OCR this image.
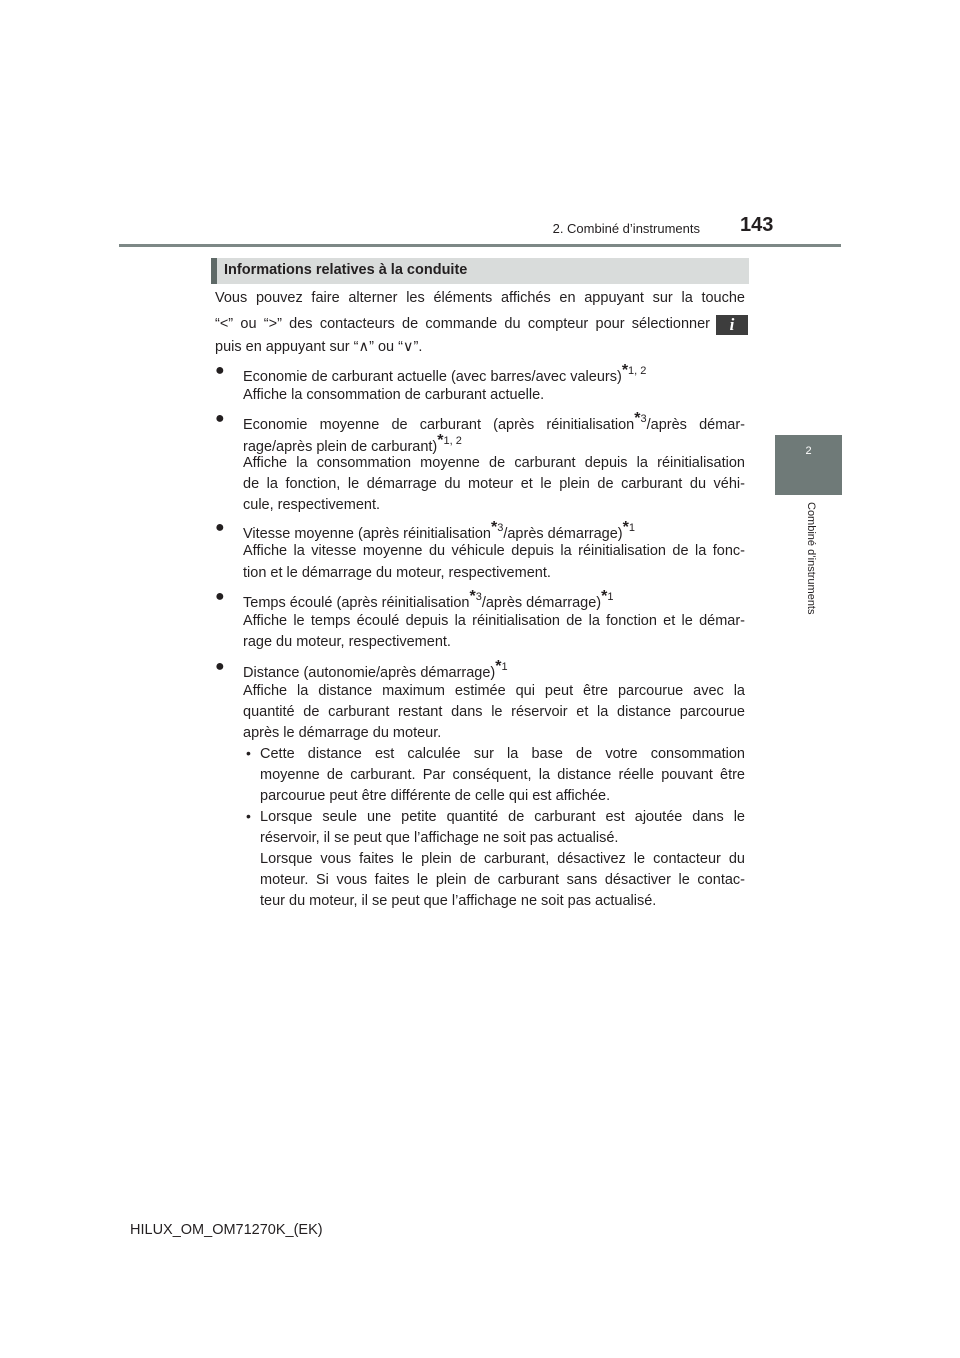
2. Combiné d’instruments 143
2
Combiné d’instruments
Informations relatives à la conduite
Vous pouvez faire alterner les éléments affichés en appuyant sur la touche
“<” ou “>” des contacteurs de commande du compteur pour sélectionner	i
puis en appuyant sur “∧” ou “∨”.
● Economie de carburant actuelle (avec barres/avec valeurs)$^{*1, 2}$
Affiche la consommation de carburant actuelle.
● Economie moyenne de carburant (après réinitialisation$^{*3}$/après démar-
rage/après plein de carburant)$^{*1, 2}$
Affiche la consommation moyenne de carburant depuis la réinitialisation
de la fonction, le démarrage du moteur et le plein de carburant du véhi-
cule, respectivement.
● Vitesse moyenne (après réinitialisation$^{*3}$/après démarrage)$^{*1}$
Affiche la vitesse moyenne du véhicule depuis la réinitialisation de la fonc-
tion et le démarrage du moteur, respectivement.
● Temps écoulé (après réinitialisation$^{*3}$/après démarrage)$^{*1}$
Affiche le temps écoulé depuis la réinitialisation de la fonction et le démar-
rage du moteur, respectivement.
● Distance (autonomie/après démarrage)$^{*1}$
Affiche la distance maximum estimée qui peut être parcourue avec la
quantité de carburant restant dans le réservoir et la distance parcourue
après le démarrage du moteur.
• Cette distance est calculée sur la base de votre consommation
moyenne de carburant. Par conséquent, la distance réelle pouvant être
parcourue peut être différente de celle qui est affichée.
• Lorsque seule une petite quantité de carburant est ajoutée dans le
réservoir, il se peut que l’affichage ne soit pas actualisé.
Lorsque vous faites le plein de carburant, désactivez le contacteur du
moteur. Si vous faites le plein de carburant sans désactiver le contac-
teur du moteur, il se peut que l’affichage ne soit pas actualisé.
HILUX_OM_OM71270K_(EK)
